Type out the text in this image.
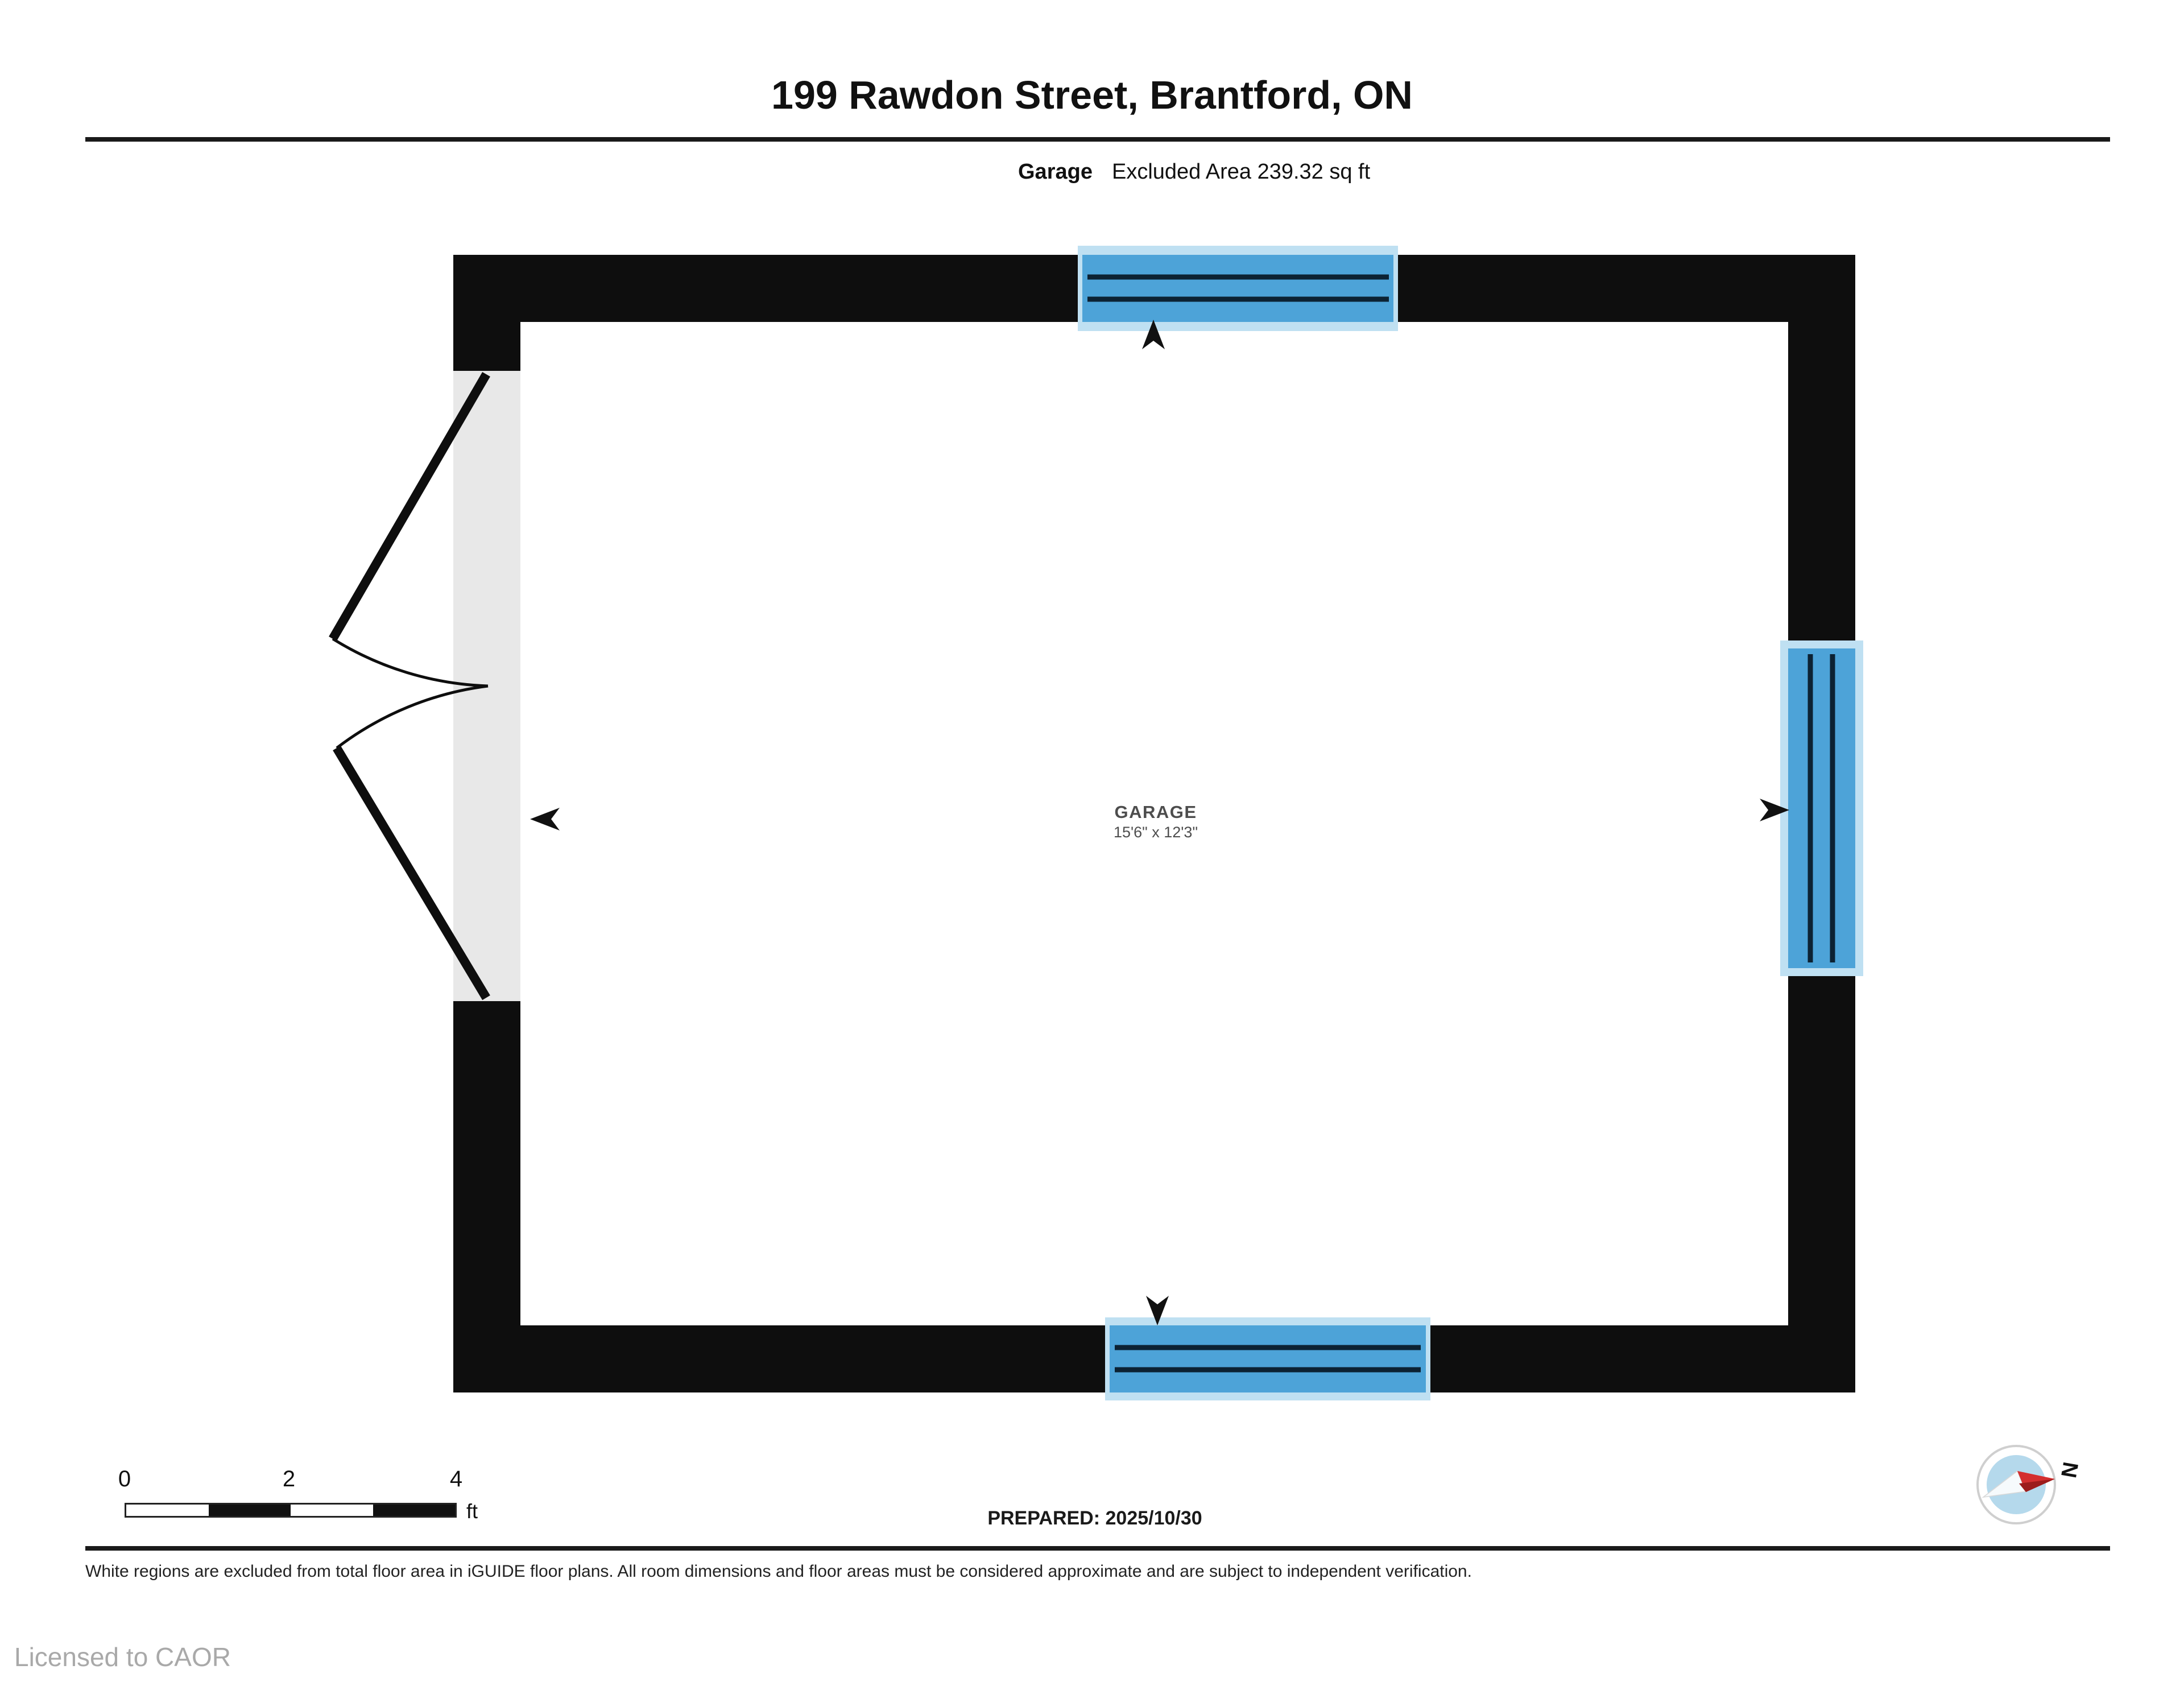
199 Rawdon Street, Brantford, ON
Garage Excluded Area 239.32 sq ft
GARAGE
15'6" x 12'3"
N
0	2	4
ft	PREPARED: 2025/10/30
White regions are excluded from total floor area in iGUIDE floor plans. All room dimensions and floor areas must be considered approximate and are subject to independent verification.
Licensed to CAOR
